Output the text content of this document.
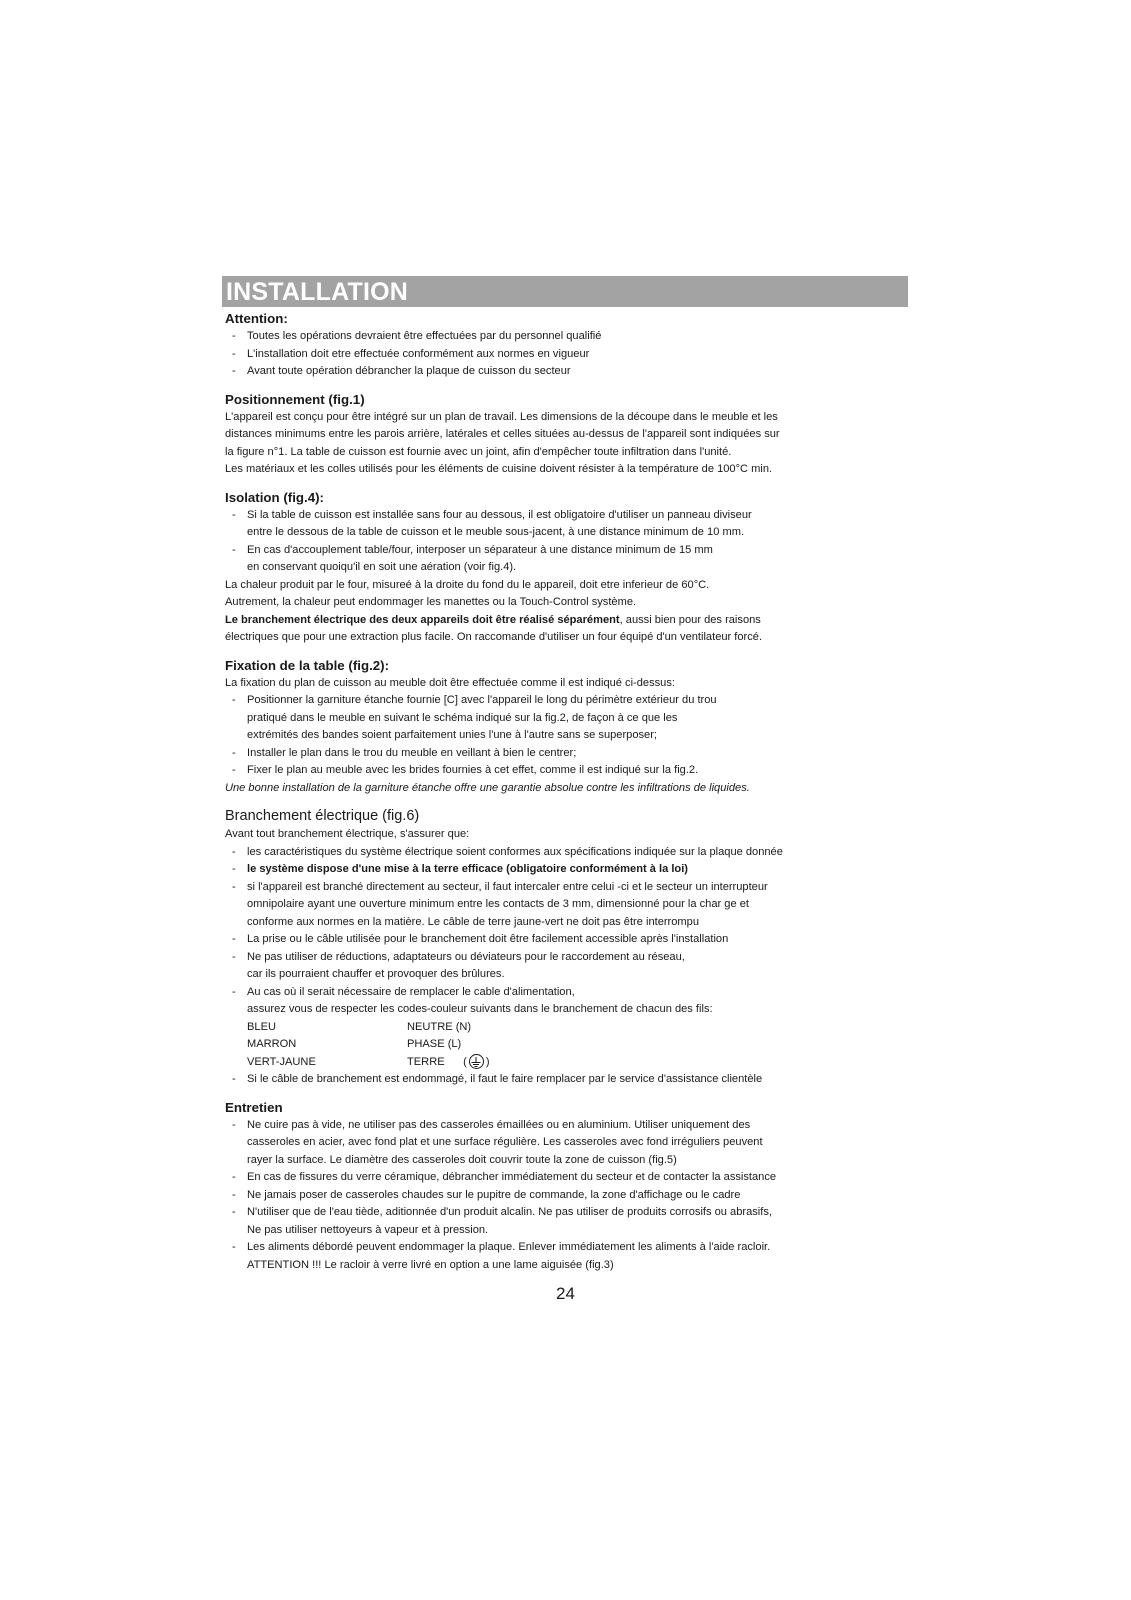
INSTALLATION
Attention:
- Toutes les opérations devraient être effectuées par du personnel qualifié
- L'installation doit etre effectuée conformément aux normes en vigueur
- Avant toute opération débrancher la plaque de cuisson du secteur
Positionnement (fig.1)

L'appareil est conçu pour être intégré sur un plan de travail. Les dimensions de la découpe dans le meuble et les

distances minimums entre les parois arrière, latérales et celles situées au-dessus de l'appareil sont indiquées sur

la figure n°1. La table de cuisson est fournie avec un joint, afin d'empêcher toute infiltration dans l'unité.

Les matériaux et les colles utilisés pour les éléments de cuisine doivent résister à la température de 100°C min.

Isolation (fig.4):
- Si la table de cuisson est installée sans four au dessous, il est obligatoire d'utiliser un panneau diviseur
entre le dessous de la table de cuisson et le meuble sous-jacent, à une distance minimum de 10 mm.
- En cas d'accouplement table/four, interposer un séparateur à une distance minimum de 15 mm
en conservant quoiqu'il en soit une aération (voir fig.4).

La chaleur produit par le four, misureé à la droite du fond du le appareil, doit etre inferieur de 60°C.

Autrement, la chaleur peut endommager les manettes ou la Touch-Control système.

Le branchement électrique des deux appareils doit être réalisé séparément, aussi bien pour des raisons

électriques que pour une extraction plus facile. On raccomande d'utiliser un four équipé d'un ventilateur forcé.

Fixation de la table (fig.2):

La fixation du plan de cuisson au meuble doit être effectuée comme il est indiqué ci-dessus:

- Positionner la garniture étanche fournie [C] avec l'appareil le long du périmètre extérieur du trou
pratiqué dans le meuble en suivant le schéma indiqué sur la fig.2, de façon à ce que les
extrémités des bandes soient parfaitement unies l'une à l'autre sans se superposer;
- Installer le plan dans le trou du meuble en veillant à bien le centrer;
- Fixer le plan au meuble avec les brides fournies à cet effet, comme il est indiqué sur la fig.2.

Une bonne installation de la garniture étanche offre une garantie absolue contre les infiltrations de liquides.

Branchement électrique (fig.6)

Avant tout branchement électrique, s'assurer que:

- les caractéristiques du système électrique soient conformes aux spécifications indiquée sur la plaque donnée
- le système dispose d'une mise à la terre efficace (obligatoire conformément à la loi)
- si l'appareil est branché directement au secteur, il faut intercaler entre celui -ci et le secteur un interrupteur
omnipolaire ayant une ouverture minimum entre les contacts de 3 mm, dimensionné pour la char ge et
conforme aux normes en la matière. Le câble de terre jaune-vert ne doit pas être interrompu
- La prise ou le câble utilisée pour le branchement doit être facilement accessible après l'installation
- Ne pas utiliser de réductions, adaptateurs ou déviateurs pour le raccordement au réseau,
car ils pourraient chauffer et provoquer des brûlures.
- Au cas où il serait nécessaire de remplacer le cable d'alimentation,
assurez vous de respecter les codes-couleur suivants dans le branchement de chacun des fils:
BLEU	NEUTRE (N)
MARRON	PHASE (L)
VERT-JAUNE	TERRE ( )
- Si le câble de branchement est endommagé, il faut le faire remplacer par le service d'assistance clientèle
Entretien
- Ne cuire pas à vide, ne utiliser pas des casseroles émaillées ou en aluminium. Utiliser uniquement des
casseroles en acier, avec fond plat et une surface régulière. Les casseroles avec fond irréguliers peuvent
rayer la surface. Le diamètre des casseroles doit couvrir toute la zone de cuisson (fig.5)
- En cas de fissures du verre céramique, débrancher immédiatement du secteur et de contacter la assistance
- Ne jamais poser de casseroles chaudes sur le pupitre de commande, la zone d'affichage ou le cadre
- N'utiliser que de l'eau tiède, aditionnée d'un produit alcalin. Ne pas utiliser de produits corrosifs ou abrasifs,
Ne pas utiliser nettoyeurs à vapeur et à pression.
- Les aliments débordé peuvent endommager la plaque. Enlever immédiatement les aliments à l'aide racloir.
ATTENTION !!! Le racloir à verre livré en option a une lame aiguisée (fig.3)
24
